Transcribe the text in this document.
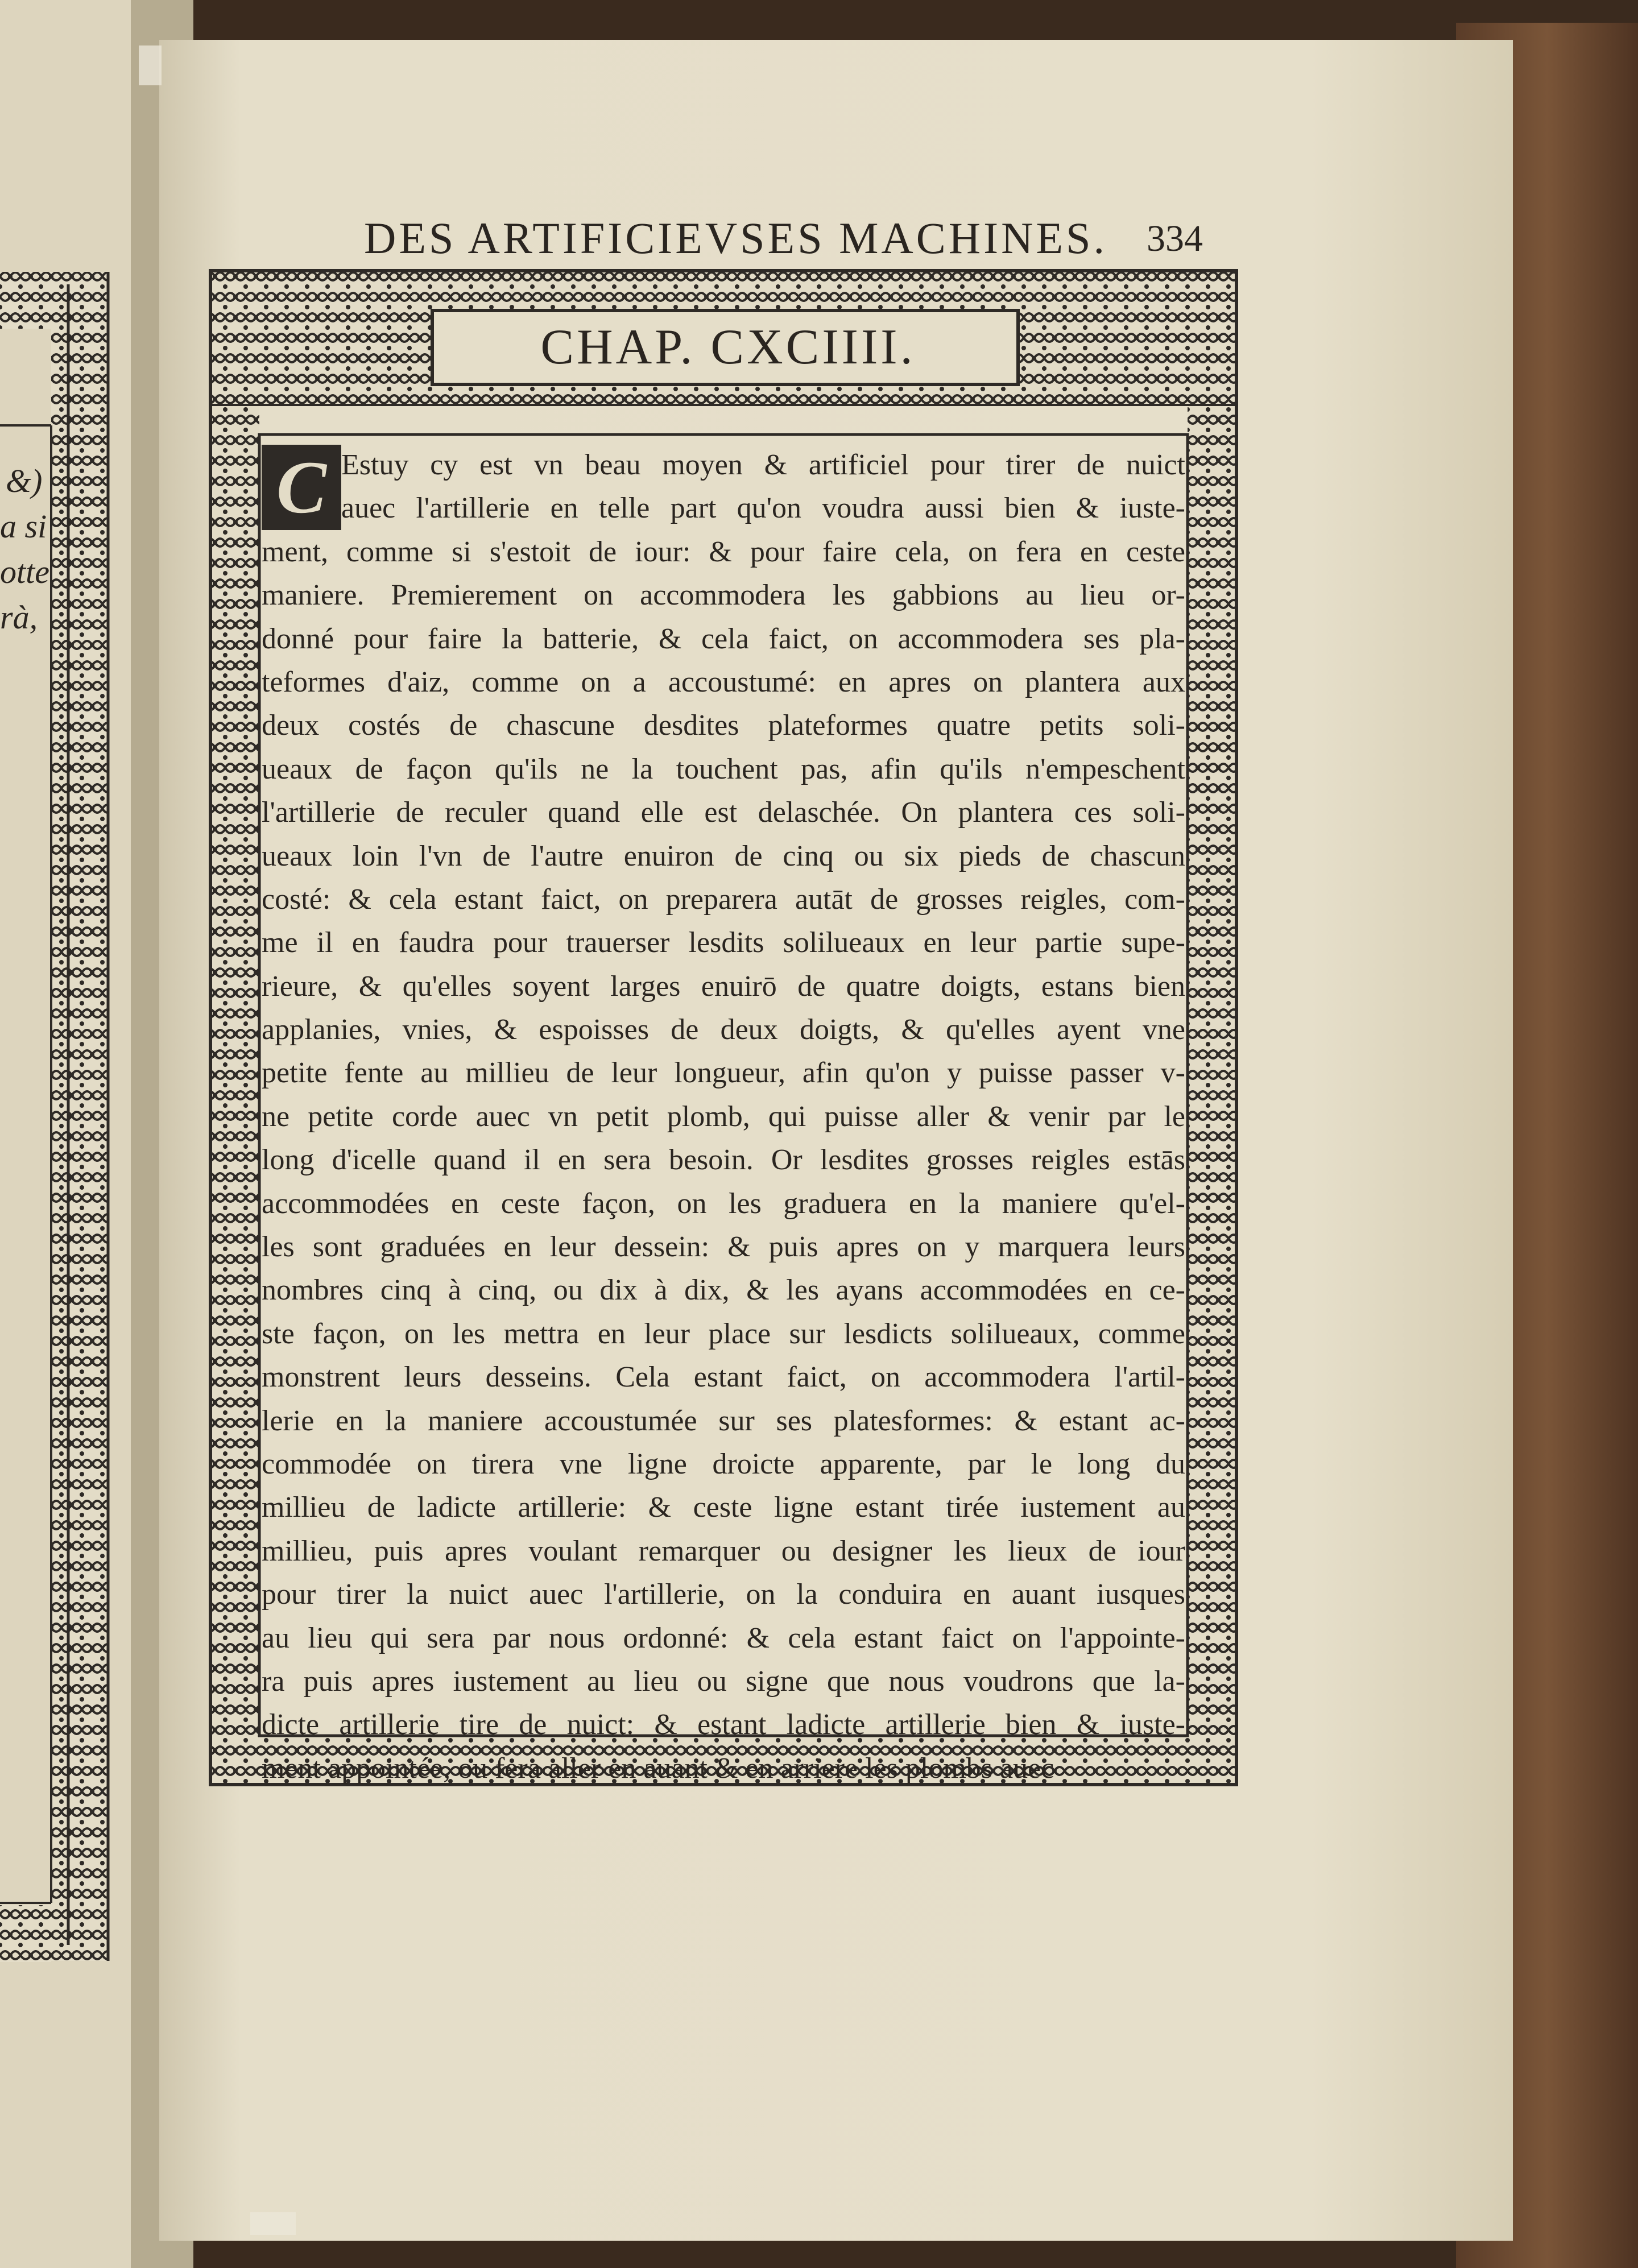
&)
a si
otte
rà,
DES ARTIFICIEVSES MACHINES. 334
CHAP. CXCIIII.
C Estuy cy est vn beau moyen & artificiel pour tirer de nuict
auec l'artillerie en telle part qu'on voudra aussi bien & iuste-
ment, comme si s'estoit de iour: & pour faire cela, on fera en ceste
maniere. Premierement on accommodera les gabbions au lieu or-
donné pour faire la batterie, & cela faict, on accommodera ses pla-
teformes d'aiz, comme on a accoustumé: en apres on plantera aux
deux costés de chascune desdites plateformes quatre petits soli-
ueaux de façon qu'ils ne la touchent pas, afin qu'ils n'empeschent
l'artillerie de reculer quand elle est delaschée. On plantera ces soli-
ueaux loin l'vn de l'autre enuiron de cinq ou six pieds de chascun
costé: & cela estant faict, on preparera autāt de grosses reigles, com-
me il en faudra pour trauerser lesdits solilueaux en leur partie supe-
rieure, & qu'elles soyent larges enuirō de quatre doigts, estans bien
applanies, vnies, & espoisses de deux doigts, & qu'elles ayent vne
petite fente au millieu de leur longueur, afin qu'on y puisse passer v-
ne petite corde auec vn petit plomb, qui puisse aller & venir par le
long d'icelle quand il en sera besoin. Or lesdites grosses reigles estās
accommodées en ceste façon, on les graduera en la maniere qu'el-
les sont graduées en leur dessein: & puis apres on y marquera leurs
nombres cinq à cinq, ou dix à dix, & les ayans accommodées en ce-
ste façon, on les mettra en leur place sur lesdicts solilueaux, comme
monstrent leurs desseins. Cela estant faict, on accommodera l'artil-
lerie en la maniere accoustumée sur ses platesformes: & estant ac-
commodée on tirera vne ligne droicte apparente, par le long du
millieu de ladicte artillerie: & ceste ligne estant tirée iustement au
millieu, puis apres voulant remarquer ou designer les lieux de iour
pour tirer la nuict auec l'artillerie, on la conduira en auant iusques
au lieu qui sera par nous ordonné: & cela estant faict on l'appointe-
ra puis apres iustement au lieu ou signe que nous voudrons que la-
dicte artillerie tire de nuict: & estant ladicte artillerie bien & iuste-
ment appointée, ou fera aller en auant & en arriere les plombs auec
